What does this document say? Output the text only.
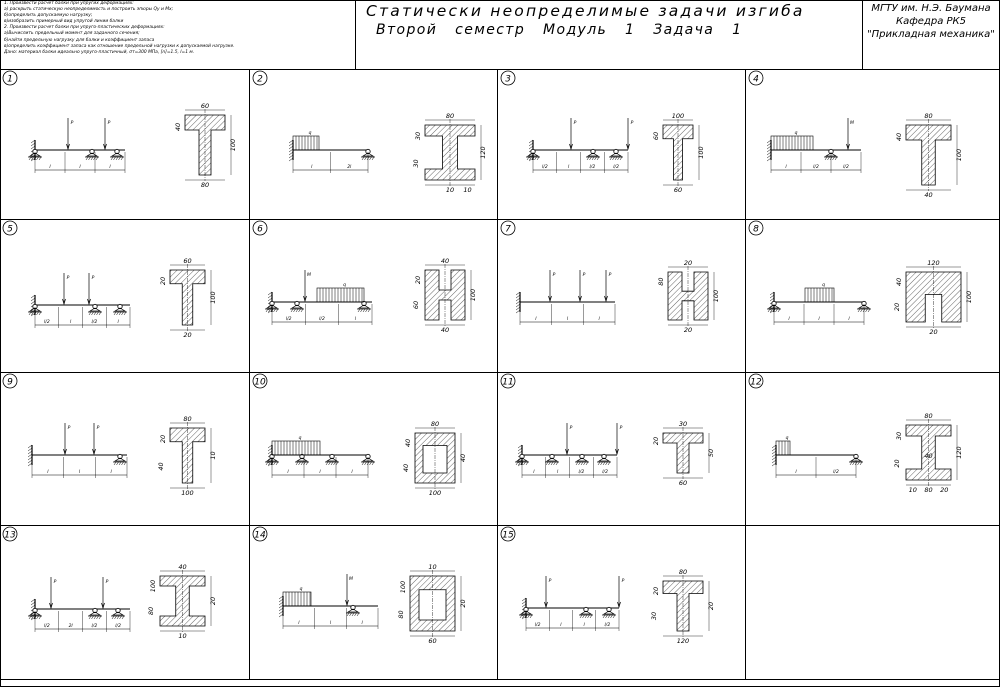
1. Произвести расчет балки при упругих деформациях:
а) раскрыть статическую неопределимость и построить эпюры Qy и Mx;
б)определить допускаемую нагрузку;
в)изобразить примерный вид упругой линии балки
2. Произвести расчет балки при упруго-пластических деформациях:
а)Вычислить предельный момент для заданного сечения;
б)найти предельную нагрузку для балки и коэффициент запаса
в)определить коэффициент запаса как отношение предельной нагрузки к допускаемой нагрузке.
Дано: материал балки идеально упруго-пластичный, σт=300 МПа, [n]=1.5, l=1 м.
Статически неопределимые задачи изгиба
Второй семестр Модуль 1 Задача 1
МГТУ им. Н.Э. Баумана
Кафедра РК5
"Прикладная механика"
1
P	P
l	l	l
60
100
40
80
2
q
l	2l
80
120
30
10
30
10
3
P	P
l/2	l	l/2	l/2
100
100
60
60
4
q
M
l	l/2	l/2
80
100
40
40
5
P	P
l/2	l	l/2	l
60
100
20
20
6
q
M
l/2	l/2	l
40
100
20
40
60
7
P	P	P
l	l	l
20
100
80
20
8
q
l	l	l
120
100
40
20
20
9
P	P
l	l	l
80
10
20
100
40
10
q
l	l	l
80
40
40
100
40
11
P	P
l	l	l/2	l/2
30
50
20
60
12
q
l	l/2
80
120
30
80
20
20
10
40
13
P	P
l/2	2l	l/2	l/2
40
20
100
10
80
14
q
M
l	l	l
10
20
100
60
80
15
P	P
l/2	l	l	l/2
80
20
20
120
30
